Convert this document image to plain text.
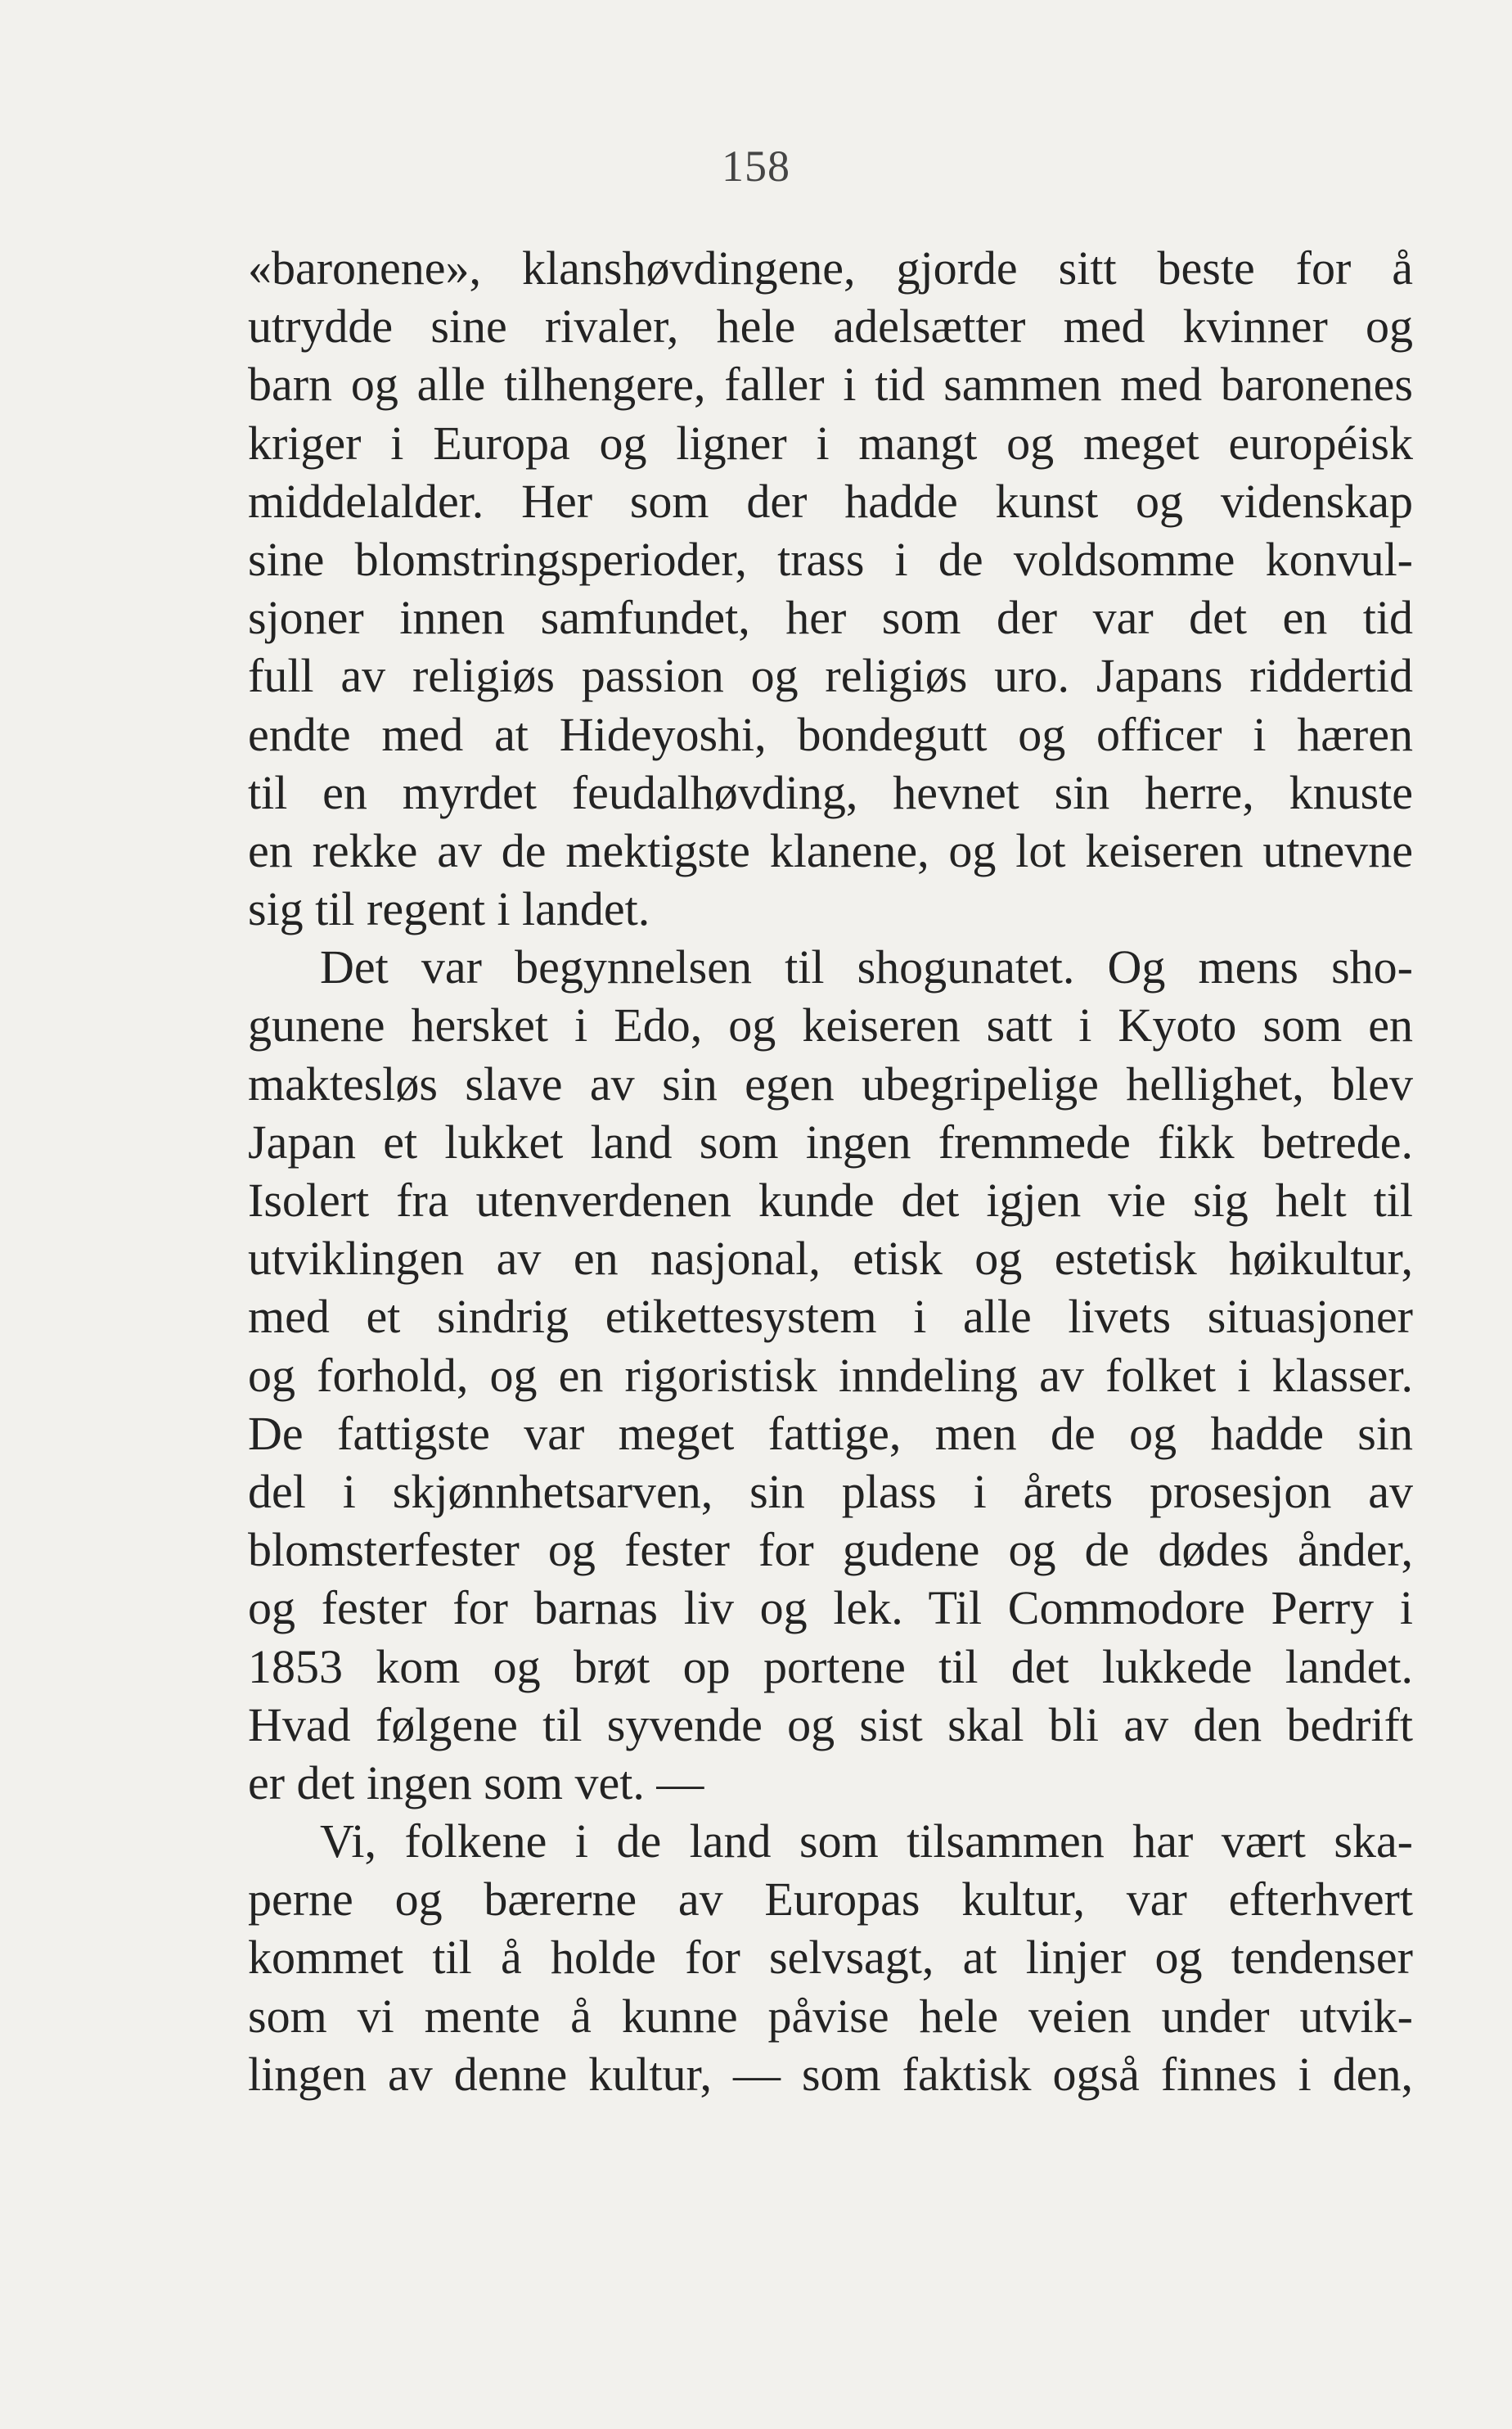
158
«baronene», klanshøvdingene, gjorde sitt beste for å
utrydde sine rivaler, hele adelsætter med kvinner og
barn og alle tilhengere, faller i tid sammen med baronenes
kriger i Europa og ligner i mangt og meget européisk
middelalder. Her som der hadde kunst og videnskap
sine blomstringsperioder, trass i de voldsomme konvul-
sjoner innen samfundet, her som der var det en tid
full av religiøs passion og religiøs uro. Japans riddertid
endte med at Hideyoshi, bondegutt og officer i hæren
til en myrdet feudalhøvding, hevnet sin herre, knuste
en rekke av de mektigste klanene, og lot keiseren utnevne
sig til regent i landet.
Det var begynnelsen til shogunatet. Og mens sho-
gunene hersket i Edo, og keiseren satt i Kyoto som en
maktesløs slave av sin egen ubegripelige hellighet, blev
Japan et lukket land som ingen fremmede fikk betrede.
Isolert fra utenverdenen kunde det igjen vie sig helt til
utviklingen av en nasjonal, etisk og estetisk høikultur,
med et sindrig etikettesystem i alle livets situasjoner
og forhold, og en rigoristisk inndeling av folket i klasser.
De fattigste var meget fattige, men de og hadde sin
del i skjønnhetsarven, sin plass i årets prosesjon av
blomsterfester og fester for gudene og de dødes ånder,
og fester for barnas liv og lek. Til Commodore Perry i
1853 kom og brøt op portene til det lukkede landet.
Hvad følgene til syvende og sist skal bli av den bedrift
er det ingen som vet. —
Vi, folkene i de land som tilsammen har vært ska-
perne og bærerne av Europas kultur, var efterhvert
kommet til å holde for selvsagt, at linjer og tendenser
som vi mente å kunne påvise hele veien under utvik-
lingen av denne kultur, — som faktisk også finnes i den,
